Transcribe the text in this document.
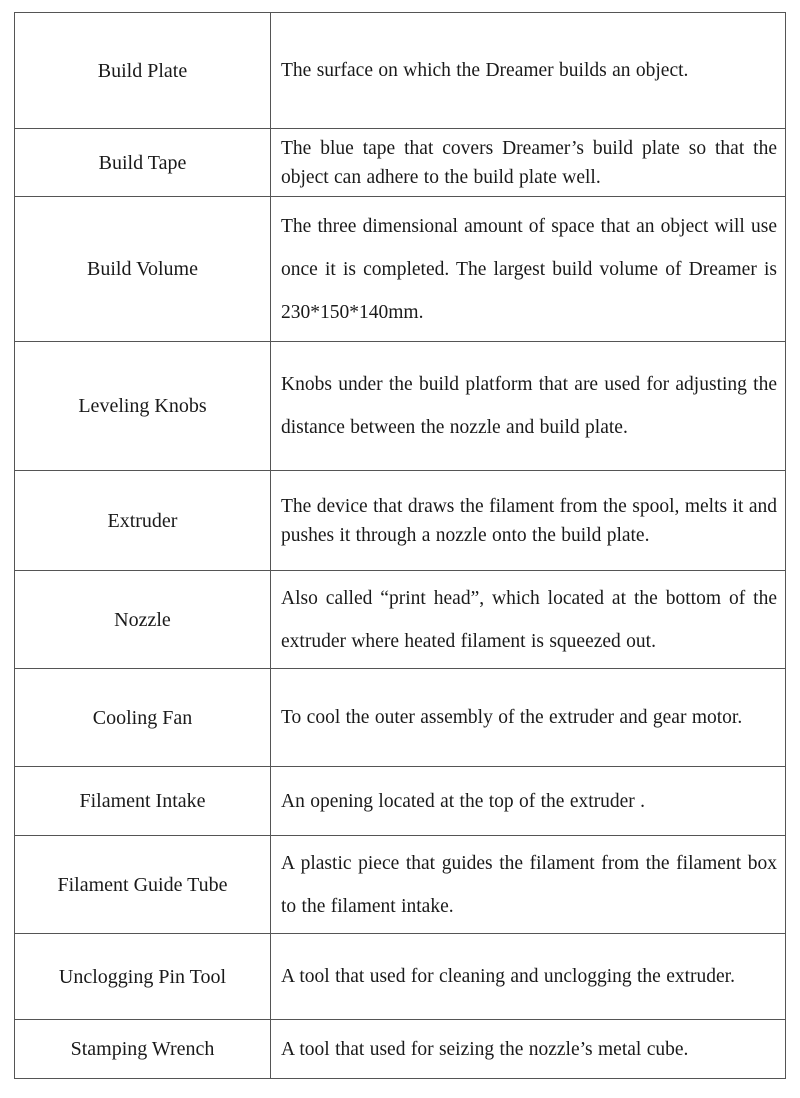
Build Plate	The surface on which the Dreamer builds an object.
Build Tape	The blue tape that covers Dreamer’s build plate so that the object can adhere to the build plate well.
Build Volume	The three dimensional amount of space that an object will use once it is completed. The largest build volume of Dreamer is 230*150*140mm.
Leveling Knobs	Knobs under the build platform that are used for adjusting the distance between the nozzle and build plate.
Extruder	The device that draws the filament from the spool, melts it and pushes it through a nozzle onto the build plate.
Nozzle	Also called “print head”, which located at the bottom of the extruder where heated filament is squeezed out.
Cooling Fan	To cool the outer assembly of the extruder and gear motor.
Filament Intake	An opening located at the top of the extruder .
Filament Guide Tube	A plastic piece that guides the filament from the filament box to the filament intake.
Unclogging Pin Tool	A tool that used for cleaning and unclogging the extruder.
Stamping Wrench	A tool that used for seizing the nozzle’s metal cube.
